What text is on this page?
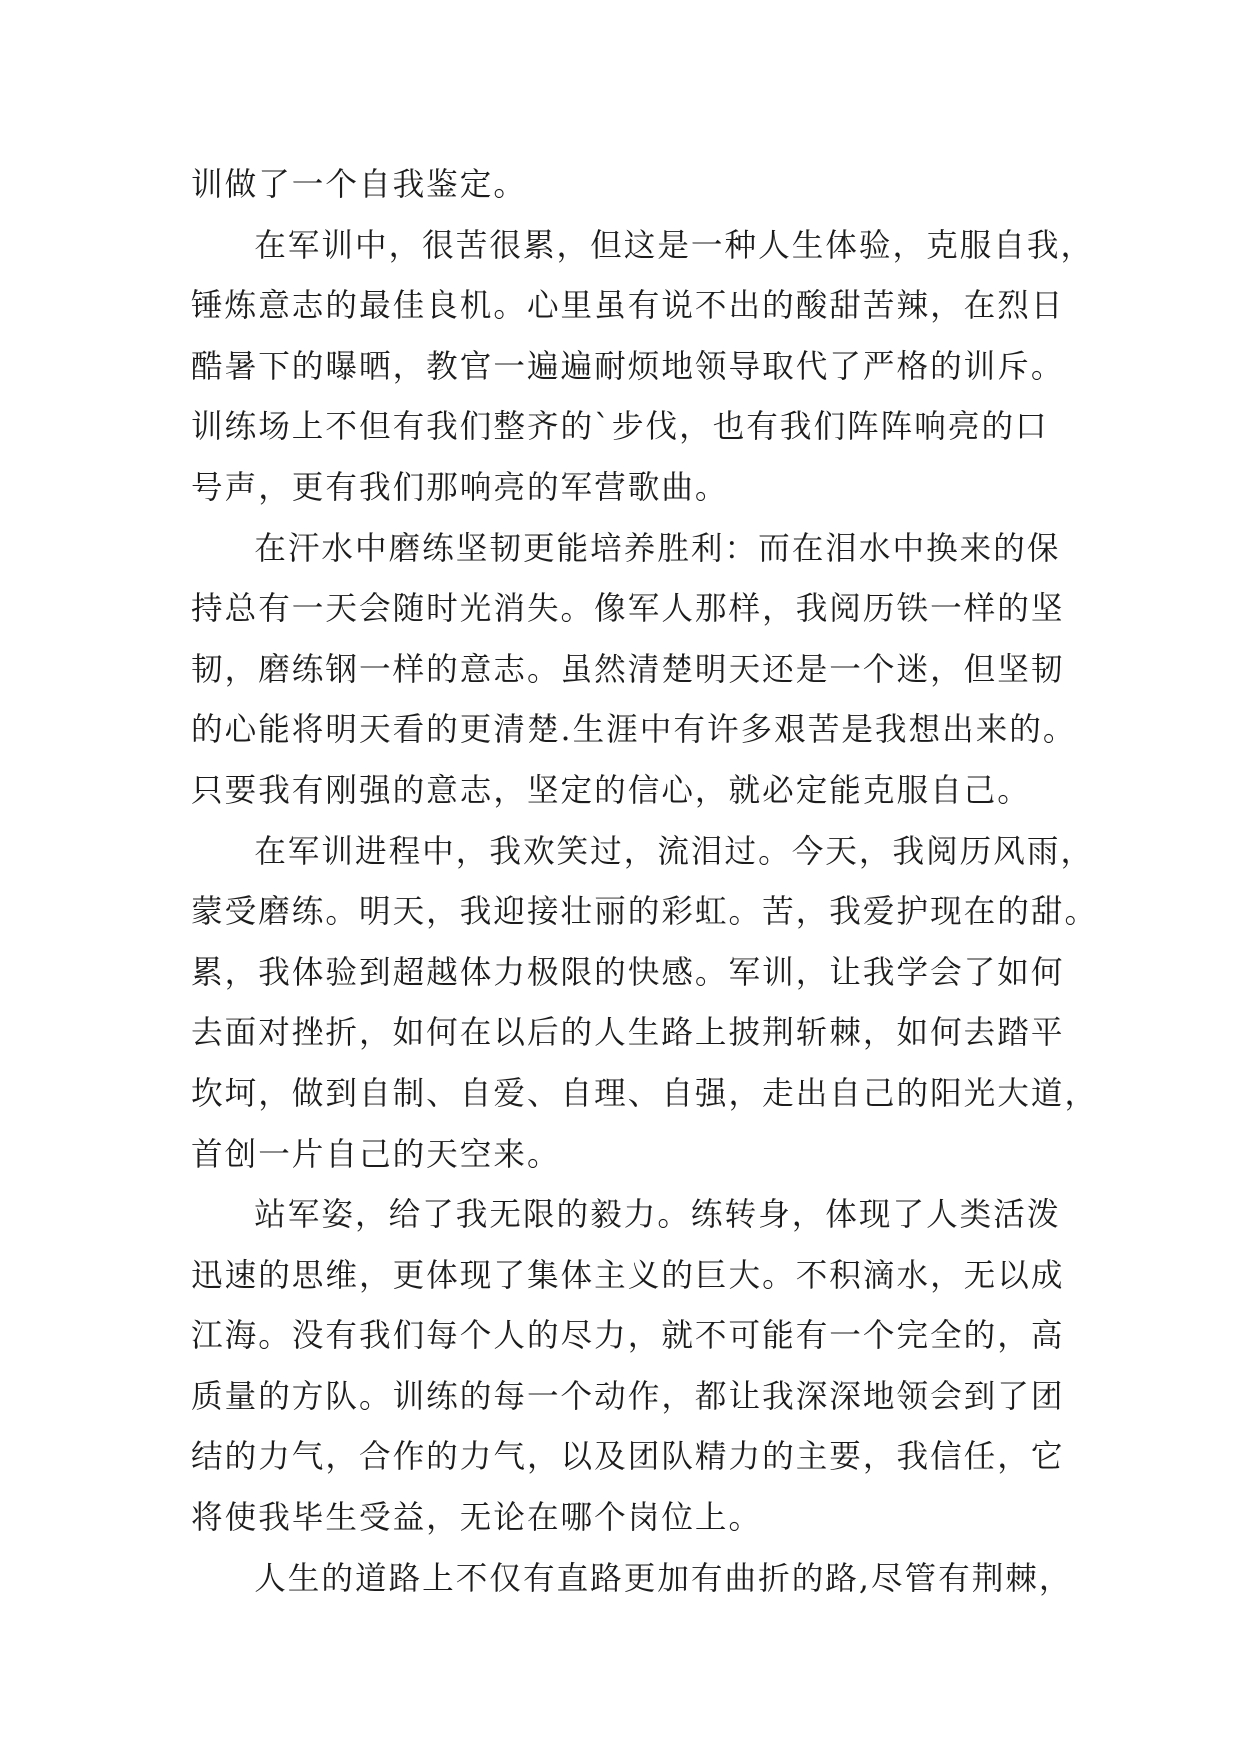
训做了一个自我鉴定。

在军训中，很苦很累，但这是一种人生体验，克服自我，
锤炼意志的最佳良机。心里虽有说不出的酸甜苦辣，在烈日
酷暑下的曝晒，教官一遍遍耐烦地领导取代了严格的训斥。
训练场上不但有我们整齐的`步伐，也有我们阵阵响亮的口
号声，更有我们那响亮的军营歌曲。

在汗水中磨练坚韧更能培养胜利：而在泪水中换来的保
持总有一天会随时光消失。像军人那样，我阅历铁一样的坚
韧，磨练钢一样的意志。虽然清楚明天还是一个迷，但坚韧
的心能将明天看的更清楚.生涯中有许多艰苦是我想出来的。
只要我有刚强的意志，坚定的信心，就必定能克服自己。

在军训进程中，我欢笑过，流泪过。今天，我阅历风雨，
蒙受磨练。明天，我迎接壮丽的彩虹。苦，我爱护现在的甜。
累，我体验到超越体力极限的快感。军训，让我学会了如何
去面对挫折，如何在以后的人生路上披荆斩棘，如何去踏平
坎坷，做到自制、自爱、自理、自强，走出自己的阳光大道，
首创一片自己的天空来。

站军姿，给了我无限的毅力。练转身，体现了人类活泼
迅速的思维，更体现了集体主义的巨大。不积滴水，无以成
江海。没有我们每个人的尽力，就不可能有一个完全的，高
质量的方队。训练的每一个动作，都让我深深地领会到了团
结的力气，合作的力气，以及团队精力的主要，我信任，它
将使我毕生受益，无论在哪个岗位上。

人生的道路上不仅有直路更加有曲折的路,尽管有荆棘，
